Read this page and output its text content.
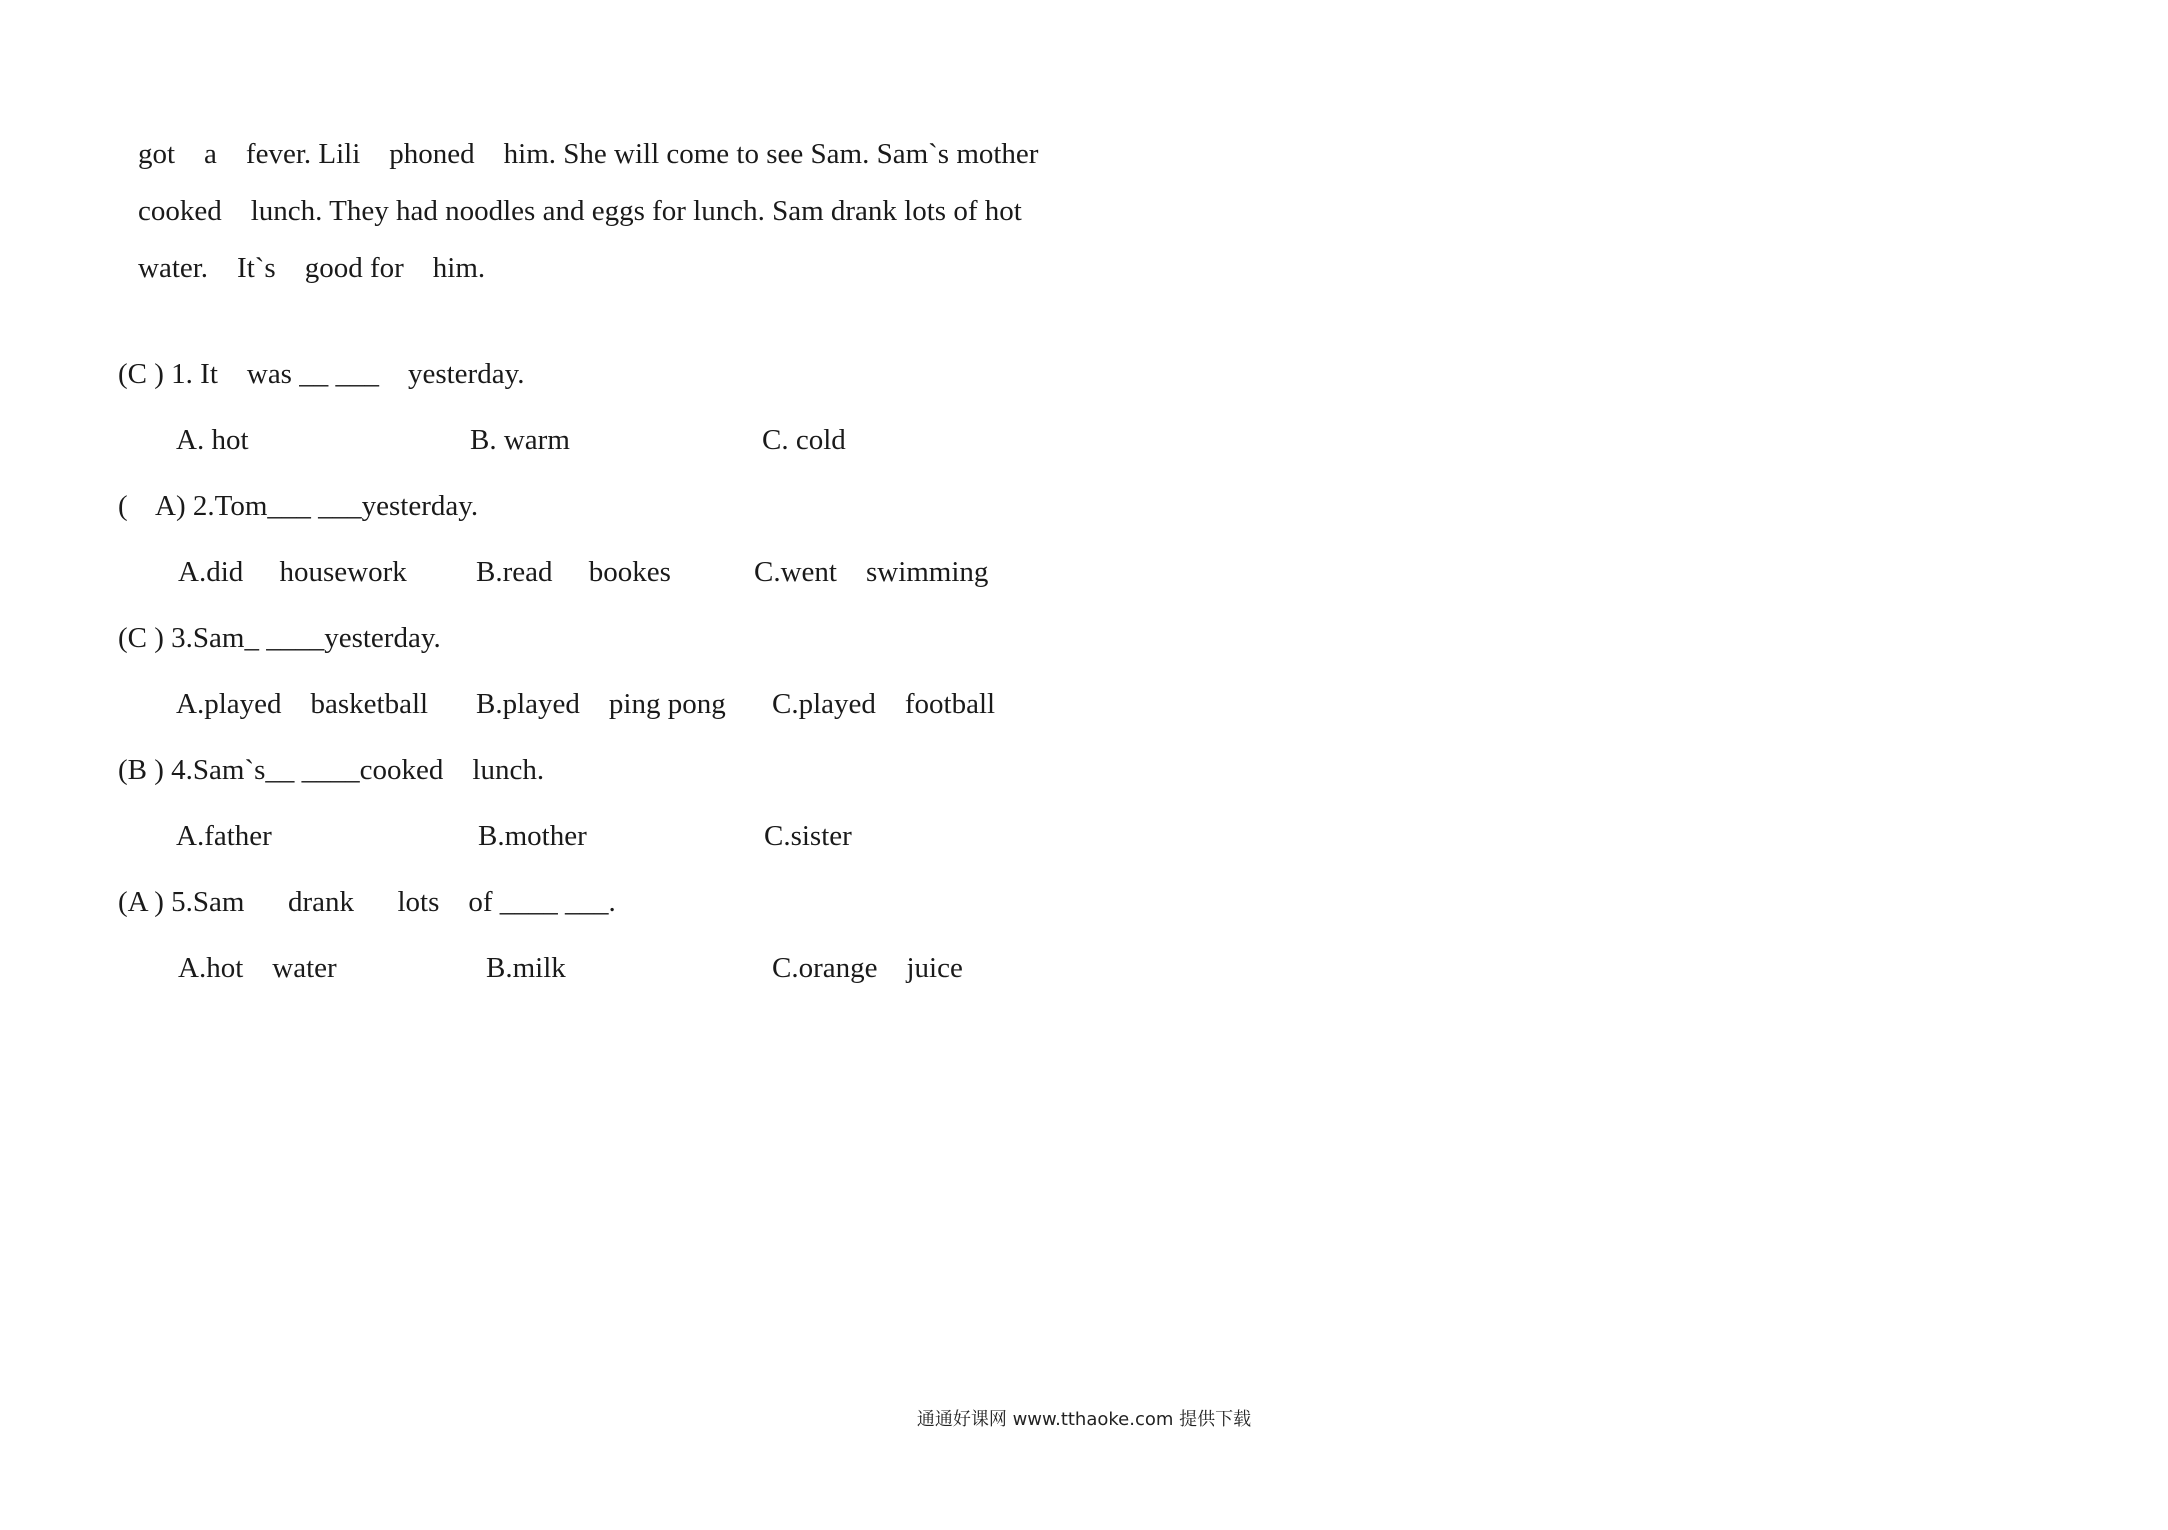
got    a    fever. Lili    phoned    him. She will come to see Sam. Sam`s mother
cooked    lunch. They had noodles and eggs for lunch. Sam drank lots of hot
water.    It`s    good for    him.
(C ) 1. It    was __ ___    yesterday.
A. hot	B. warm	C. cold
(    A) 2.Tom___ ___yesterday.
A.did     housework B.read     bookes	C.went    swimming
(C ) 3.Sam_ ____yesterday.
A.played    basketball B.played    ping pong C.played    football
(B ) 4.Sam`s__ ____cooked    lunch.
A.father	B.mother	C.sister
(A ) 5.Sam      drank      lots    of ____ ___.
A.hot    water	B.milk	C.orange    juice
通通好课网 www.tthaoke.com 提供下载
